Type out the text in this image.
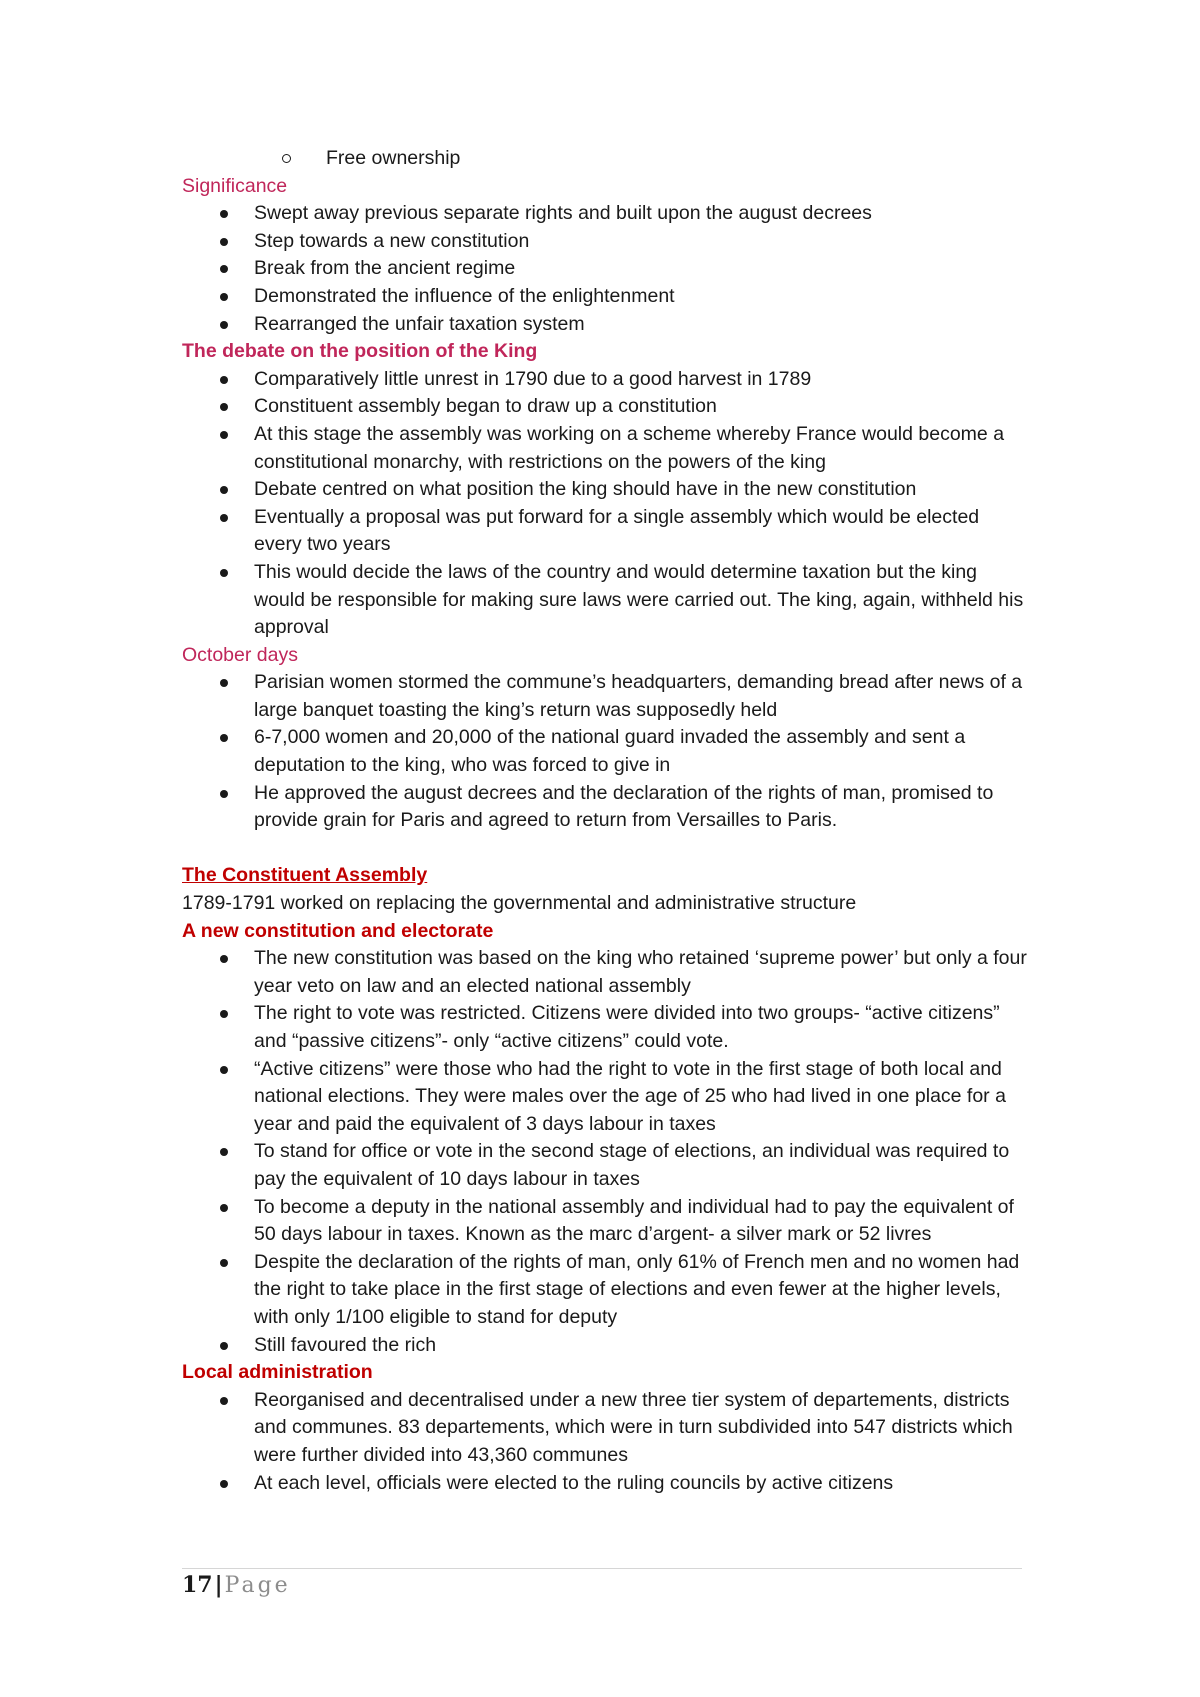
Free ownership

Significance

Swept away previous separate rights and built upon the august decrees
Step towards a new constitution
Break from the ancient regime
Demonstrated the influence of the enlightenment
Rearranged the unfair taxation system

The debate on the position of the King

Comparatively little unrest in 1790 due to a good harvest in 1789
Constituent assembly began to draw up a constitution
At this stage the assembly was working on a scheme whereby France would become a constitutional monarchy, with restrictions on the powers of the king
Debate centred on what position the king should have in the new constitution
Eventually a proposal was put forward for a single assembly which would be elected every two years
This would decide the laws of the country and would determine taxation but the king would be responsible for making sure laws were carried out. The king, again, withheld his approval

October days

Parisian women stormed the commune’s headquarters, demanding bread after news of a large banquet toasting the king’s return was supposedly held
6-7,000 women and 20,000 of the national guard invaded the assembly and sent a deputation to the king, who was forced to give in
He approved the august decrees and the declaration of the rights of man, promised to provide grain for Paris and agreed to return from Versailles to Paris.

The Constituent Assembly

1789-1791 worked on replacing the governmental and administrative structure

A new constitution and electorate

The new constitution was based on the king who retained ‘supreme power’ but only a four year veto on law and an elected national assembly
The right to vote was restricted. Citizens were divided into two groups- “active citizens” and “passive citizens”- only “active citizens” could vote.
“Active citizens” were those who had the right to vote in the first stage of both local and national elections. They were males over the age of 25 who had lived in one place for a year and paid the equivalent of 3 days labour in taxes
To stand for office or vote in the second stage of elections, an individual was required to pay the equivalent of 10 days labour in taxes
To become a deputy in the national assembly and individual had to pay the equivalent of 50 days labour in taxes. Known as the marc d’argent- a silver mark or 52 livres
Despite the declaration of the rights of man, only 61% of French men and no women had the right to take place in the first stage of elections and even fewer at the higher levels, with only 1/100 eligible to stand for deputy
Still favoured the rich

Local administration

Reorganised and decentralised under a new three tier system of departements, districts and communes. 83 departements, which were in turn subdivided into 547 districts which were further divided into 43,360 communes
At each level, officials were elected to the ruling councils by active citizens
17|Page
